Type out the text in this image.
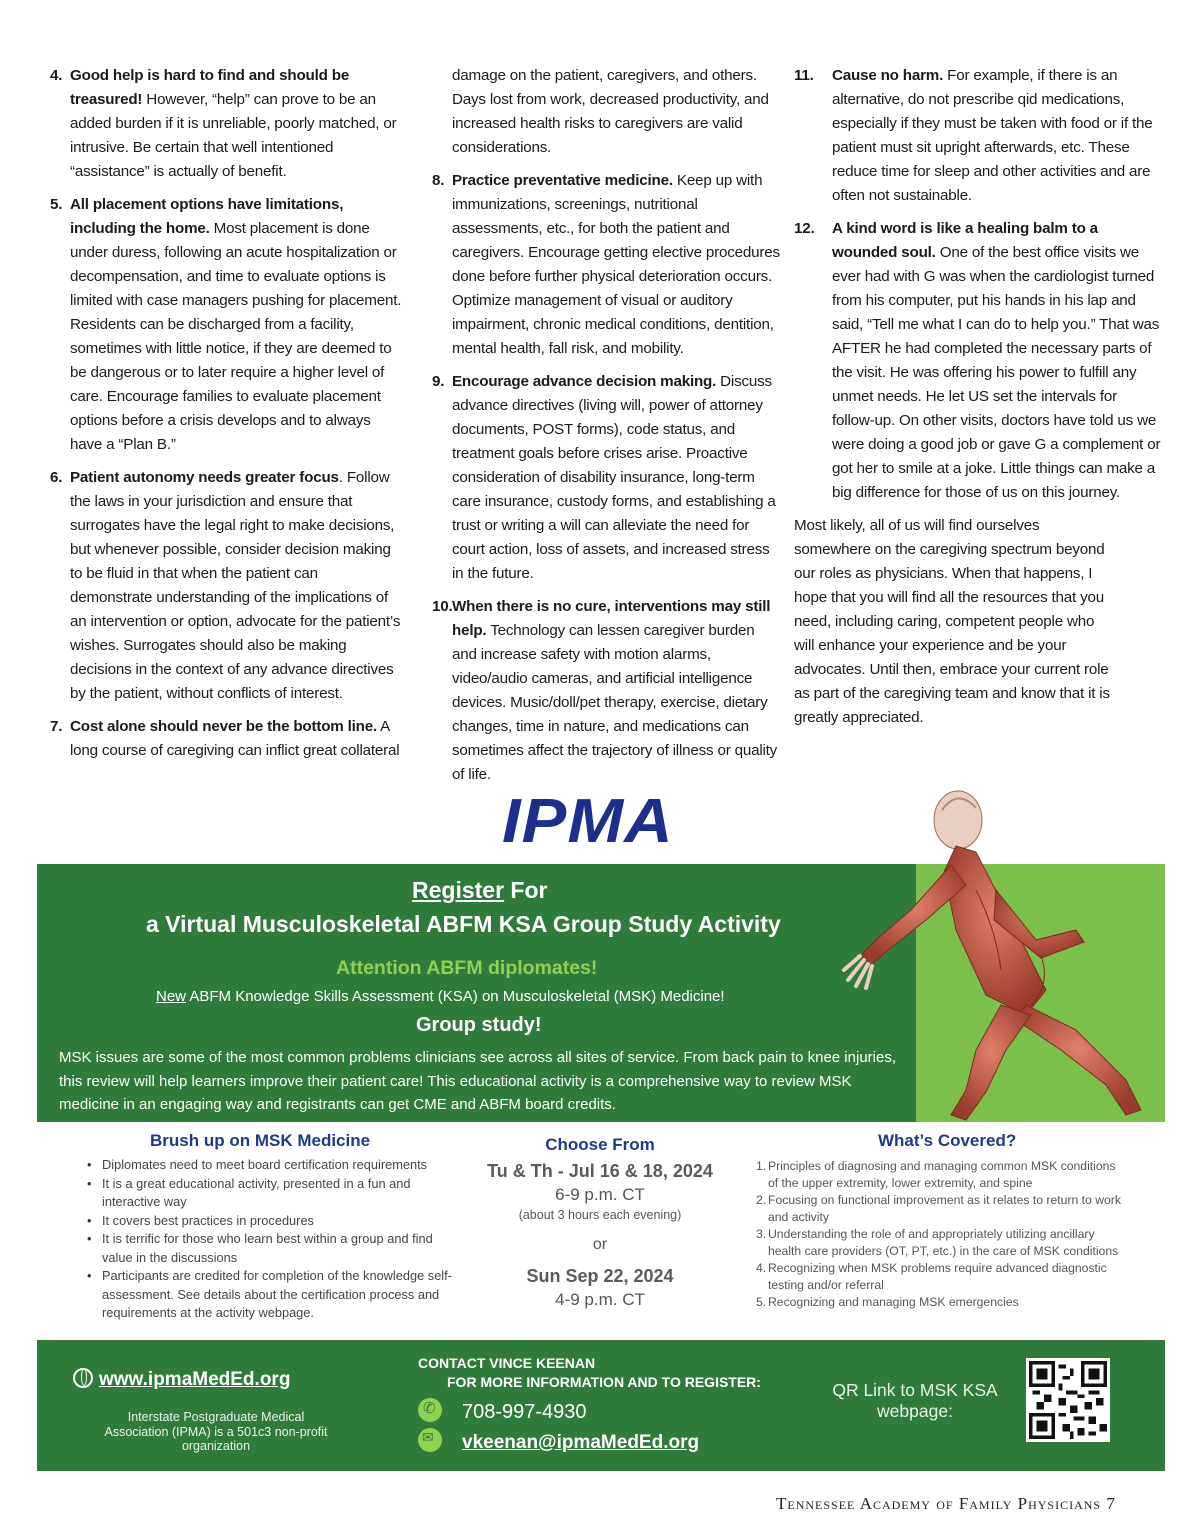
4. Good help is hard to find and should be treasured! However, “help” can prove to be an added burden if it is unreliable, poorly matched, or intrusive. Be certain that well intentioned “assistance” is actually of benefit.
5. All placement options have limitations, including the home. Most placement is done under duress, following an acute hospitalization or decompensation, and time to evaluate options is limited with case managers pushing for placement. Residents can be discharged from a facility, sometimes with little notice, if they are deemed to be dangerous or to later require a higher level of care. Encourage families to evaluate placement options before a crisis develops and to always have a “Plan B.”
6. Patient autonomy needs greater focus. Follow the laws in your jurisdiction and ensure that surrogates have the legal right to make decisions, but whenever possible, consider decision making to be fluid in that when the patient can demonstrate understanding of the implications of an intervention or option, advocate for the patient’s wishes. Surrogates should also be making decisions in the context of any advance directives by the patient, without conflicts of interest.
7. Cost alone should never be the bottom line. A long course of caregiving can inflict great collateral
damage on the patient, caregivers, and others. Days lost from work, decreased productivity, and increased health risks to caregivers are valid considerations.
8. Practice preventative medicine. Keep up with immunizations, screenings, nutritional assessments, etc., for both the patient and caregivers. Encourage getting elective procedures done before further physical deterioration occurs. Optimize management of visual or auditory impairment, chronic medical conditions, dentition, mental health, fall risk, and mobility.
9. Encourage advance decision making. Discuss advance directives (living will, power of attorney documents, POST forms), code status, and treatment goals before crises arise. Proactive consideration of disability insurance, long-term care insurance, custody forms, and establishing a trust or writing a will can alleviate the need for court action, loss of assets, and increased stress in the future.
10. When there is no cure, interventions may still help. Technology can lessen caregiver burden and increase safety with motion alarms, video/audio cameras, and artificial intelligence devices. Music/doll/pet therapy, exercise, dietary changes, time in nature, and medications can sometimes affect the trajectory of illness or quality of life.
11. Cause no harm. For example, if there is an alternative, do not prescribe qid medications, especially if they must be taken with food or if the patient must sit upright afterwards, etc. These reduce time for sleep and other activities and are often not sustainable.
12. A kind word is like a healing balm to a wounded soul. One of the best office visits we ever had with G was when the cardiologist turned from his computer, put his hands in his lap and said, “Tell me what I can do to help you.” That was AFTER he had completed the necessary parts of the visit. He was offering his power to fulfill any unmet needs. He let US set the intervals for follow-up. On other visits, doctors have told us we were doing a good job or gave G a complement or got her to smile at a joke. Little things can make a big difference for those of us on this journey.
Most likely, all of us will find ourselves somewhere on the caregiving spectrum beyond our roles as physicians. When that happens, I hope that you will find all the resources that you need, including caring, competent people who will enhance your experience and be your advocates. Until then, embrace your current role as part of the caregiving team and know that it is greatly appreciated.
IPMA
Register For
a Virtual Musculoskeletal ABFM KSA Group Study Activity
Attention ABFM diplomates!
New ABFM Knowledge Skills Assessment (KSA) on Musculoskeletal (MSK) Medicine!
Group study!
MSK issues are some of the most common problems clinicians see across all sites of service. From back pain to knee injuries, this review will help learners improve their patient care! This educational activity is a comprehensive way to review MSK medicine in an engaging way and registrants can get CME and ABFM board credits.
Brush up on MSK Medicine
• Diplomates need to meet board certification requirements
• It is a great educational activity, presented in a fun and interactive way
• It covers best practices in procedures
• It is terrific for those who learn best within a group and find value in the discussions
• Participants are credited for completion of the knowledge self-assessment. See details about the certification process and requirements at the activity webpage.
Choose From
Tu & Th - Jul 16 & 18, 2024
6-9 p.m. CT
(about 3 hours each evening)
or
Sun Sep 22, 2024
4-9 p.m. CT
What’s Covered?
1. Principles of diagnosing and managing common MSK conditions of the upper extremity, lower extremity, and spine
2. Focusing on functional improvement as it relates to return to work and activity
3. Understanding the role of and appropriately utilizing ancillary health care providers (OT, PT, etc.) in the care of MSK conditions
4. Recognizing when MSK problems require advanced diagnostic testing and/or referral
5. Recognizing and managing MSK emergencies
www.ipmaMedEd.org
Interstate Postgraduate Medical Association (IPMA) is a 501c3 non-profit organization
CONTACT VINCE KEENAN
FOR MORE INFORMATION AND TO REGISTER:
✆708-997-4930
✉vkeenan@ipmaMedEd.org
QR Link to MSK KSA webpage:
Tennessee Academy of Family Physicians 7
